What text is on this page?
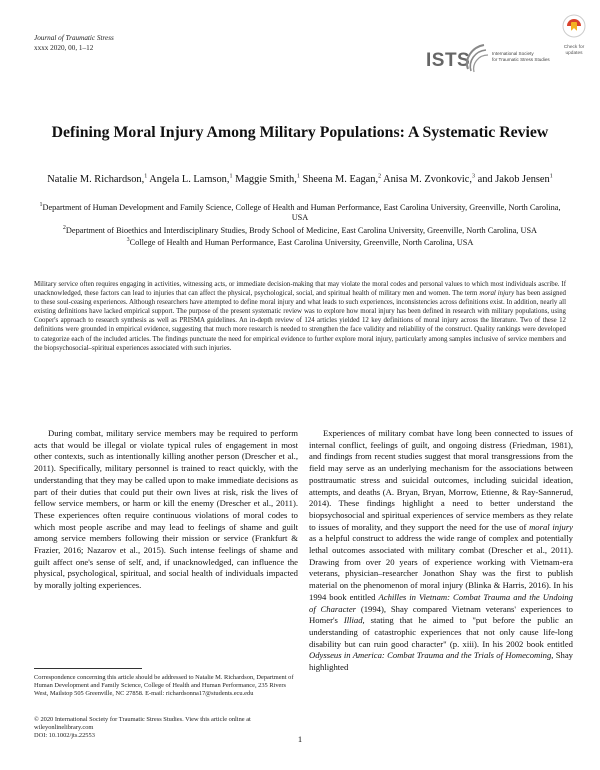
Journal of Traumatic Stress
xxxx 2020, 00, 1–12
ISTS	International Society
for Traumatic Stress Studies
Check for
updates
Defining Moral Injury Among Military Populations: A Systematic Review
Natalie M. Richardson,$^1$ Angela L. Lamson,$^1$ Maggie Smith,$^1$ Sheena M. Eagan,$^2$ Anisa M. Zvonkovic,$^3$ and Jakob Jensen$^1$
$^1$Department of Human Development and Family Science, College of Health and Human Performance, East Carolina University, Greenville, North Carolina, USA
$^2$Department of Bioethics and Interdisciplinary Studies, Brody School of Medicine, East Carolina University, Greenville, North Carolina, USA
$^3$College of Health and Human Performance, East Carolina University, Greenville, North Carolina, USA
Military service often requires engaging in activities, witnessing acts, or immediate decision-making that may violate the moral codes and personal values to which most individuals ascribe. If unacknowledged, these factors can lead to injuries that can affect the physical, psychological, social, and spiritual health of military men and women. The term moral injury has been assigned to these soul-ceasing experiences. Although researchers have attempted to define moral injury and what leads to such experiences, inconsistencies across definitions exist. In addition, nearly all existing definitions have lacked empirical support. The purpose of the present systematic review was to explore how moral injury has been defined in research with military populations, using Cooper's approach to research synthesis as well as PRISMA guidelines. An in-depth review of 124 articles yielded 12 key definitions of moral injury across the literature. Two of these 12 definitions were grounded in empirical evidence, suggesting that much more research is needed to strengthen the face validity and reliability of the construct. Quality rankings were developed to categorize each of the included articles. The findings punctuate the need for empirical evidence to further explore moral injury, particularly among samples inclusive of service members and the biopsychosocial–spiritual experiences associated with such injuries.

During combat, military service members may be required to perform acts that would be illegal or violate typical rules of engagement in most other contexts, such as intentionally killing another person (Drescher et al., 2011). Specifically, military personnel is trained to react quickly, with the understanding that they may be called upon to make immediate decisions as part of their duties that could put their own lives at risk, risk the lives of fellow service members, or harm or kill the enemy (Drescher et al., 2011). These experiences often require continuous violations of moral codes to which most people ascribe and may lead to feelings of shame and guilt among service members following their mission or service (Frankfurt & Frazier, 2016; Nazarov et al., 2015). Such intense feelings of shame and guilt affect one's sense of self, and, if unacknowledged, can influence the physical, psychological, spiritual, and social health of individuals impacted by morally jolting experiences.

Experiences of military combat have long been connected to issues of internal conflict, feelings of guilt, and ongoing distress (Friedman, 1981), and findings from recent studies suggest that moral transgressions from the field may serve as an underlying mechanism for the associations between posttraumatic stress and suicidal outcomes, including suicidal ideation, attempts, and deaths (A. Bryan, Bryan, Morrow, Etienne, & Ray-Sannerud, 2014). These findings highlight a need to better understand the biopsychosocial and spiritual experiences of service members as they relate to issues of morality, and they support the need for the use of moral injury as a helpful construct to address the wide range of complex and potentially lethal outcomes associated with military combat (Drescher et al., 2011). Drawing from over 20 years of experience working with Vietnam-era veterans, physician–researcher Jonathon Shay was the first to publish material on the phenomenon of moral injury (Blinka & Harris, 2016). In his 1994 book entitled Achilles in Vietnam: Combat Trauma and the Undoing of Character (1994), Shay compared Vietnam veterans' experiences to Homer's Illiad, stating that he aimed to "put before the public an understanding of catastrophic experiences that not only cause life-long disability but can ruin good character" (p. xiii). In his 2002 book entitled Odysseus in America: Combat Trauma and the Trials of Homecoming, Shay highlighted

Correspondence concerning this article should be addressed to Natalie M. Richardson, Department of Human Development and Family Science, College of Health and Human Performance, 235 Rivers West, Mailstop 505 Greenville, NC 27858. E-mail: richardsonna17@students.ecu.edu
© 2020 International Society for Traumatic Stress Studies. View this article online at wileyonlinelibrary.com
DOI: 10.1002/jts.22553	1
